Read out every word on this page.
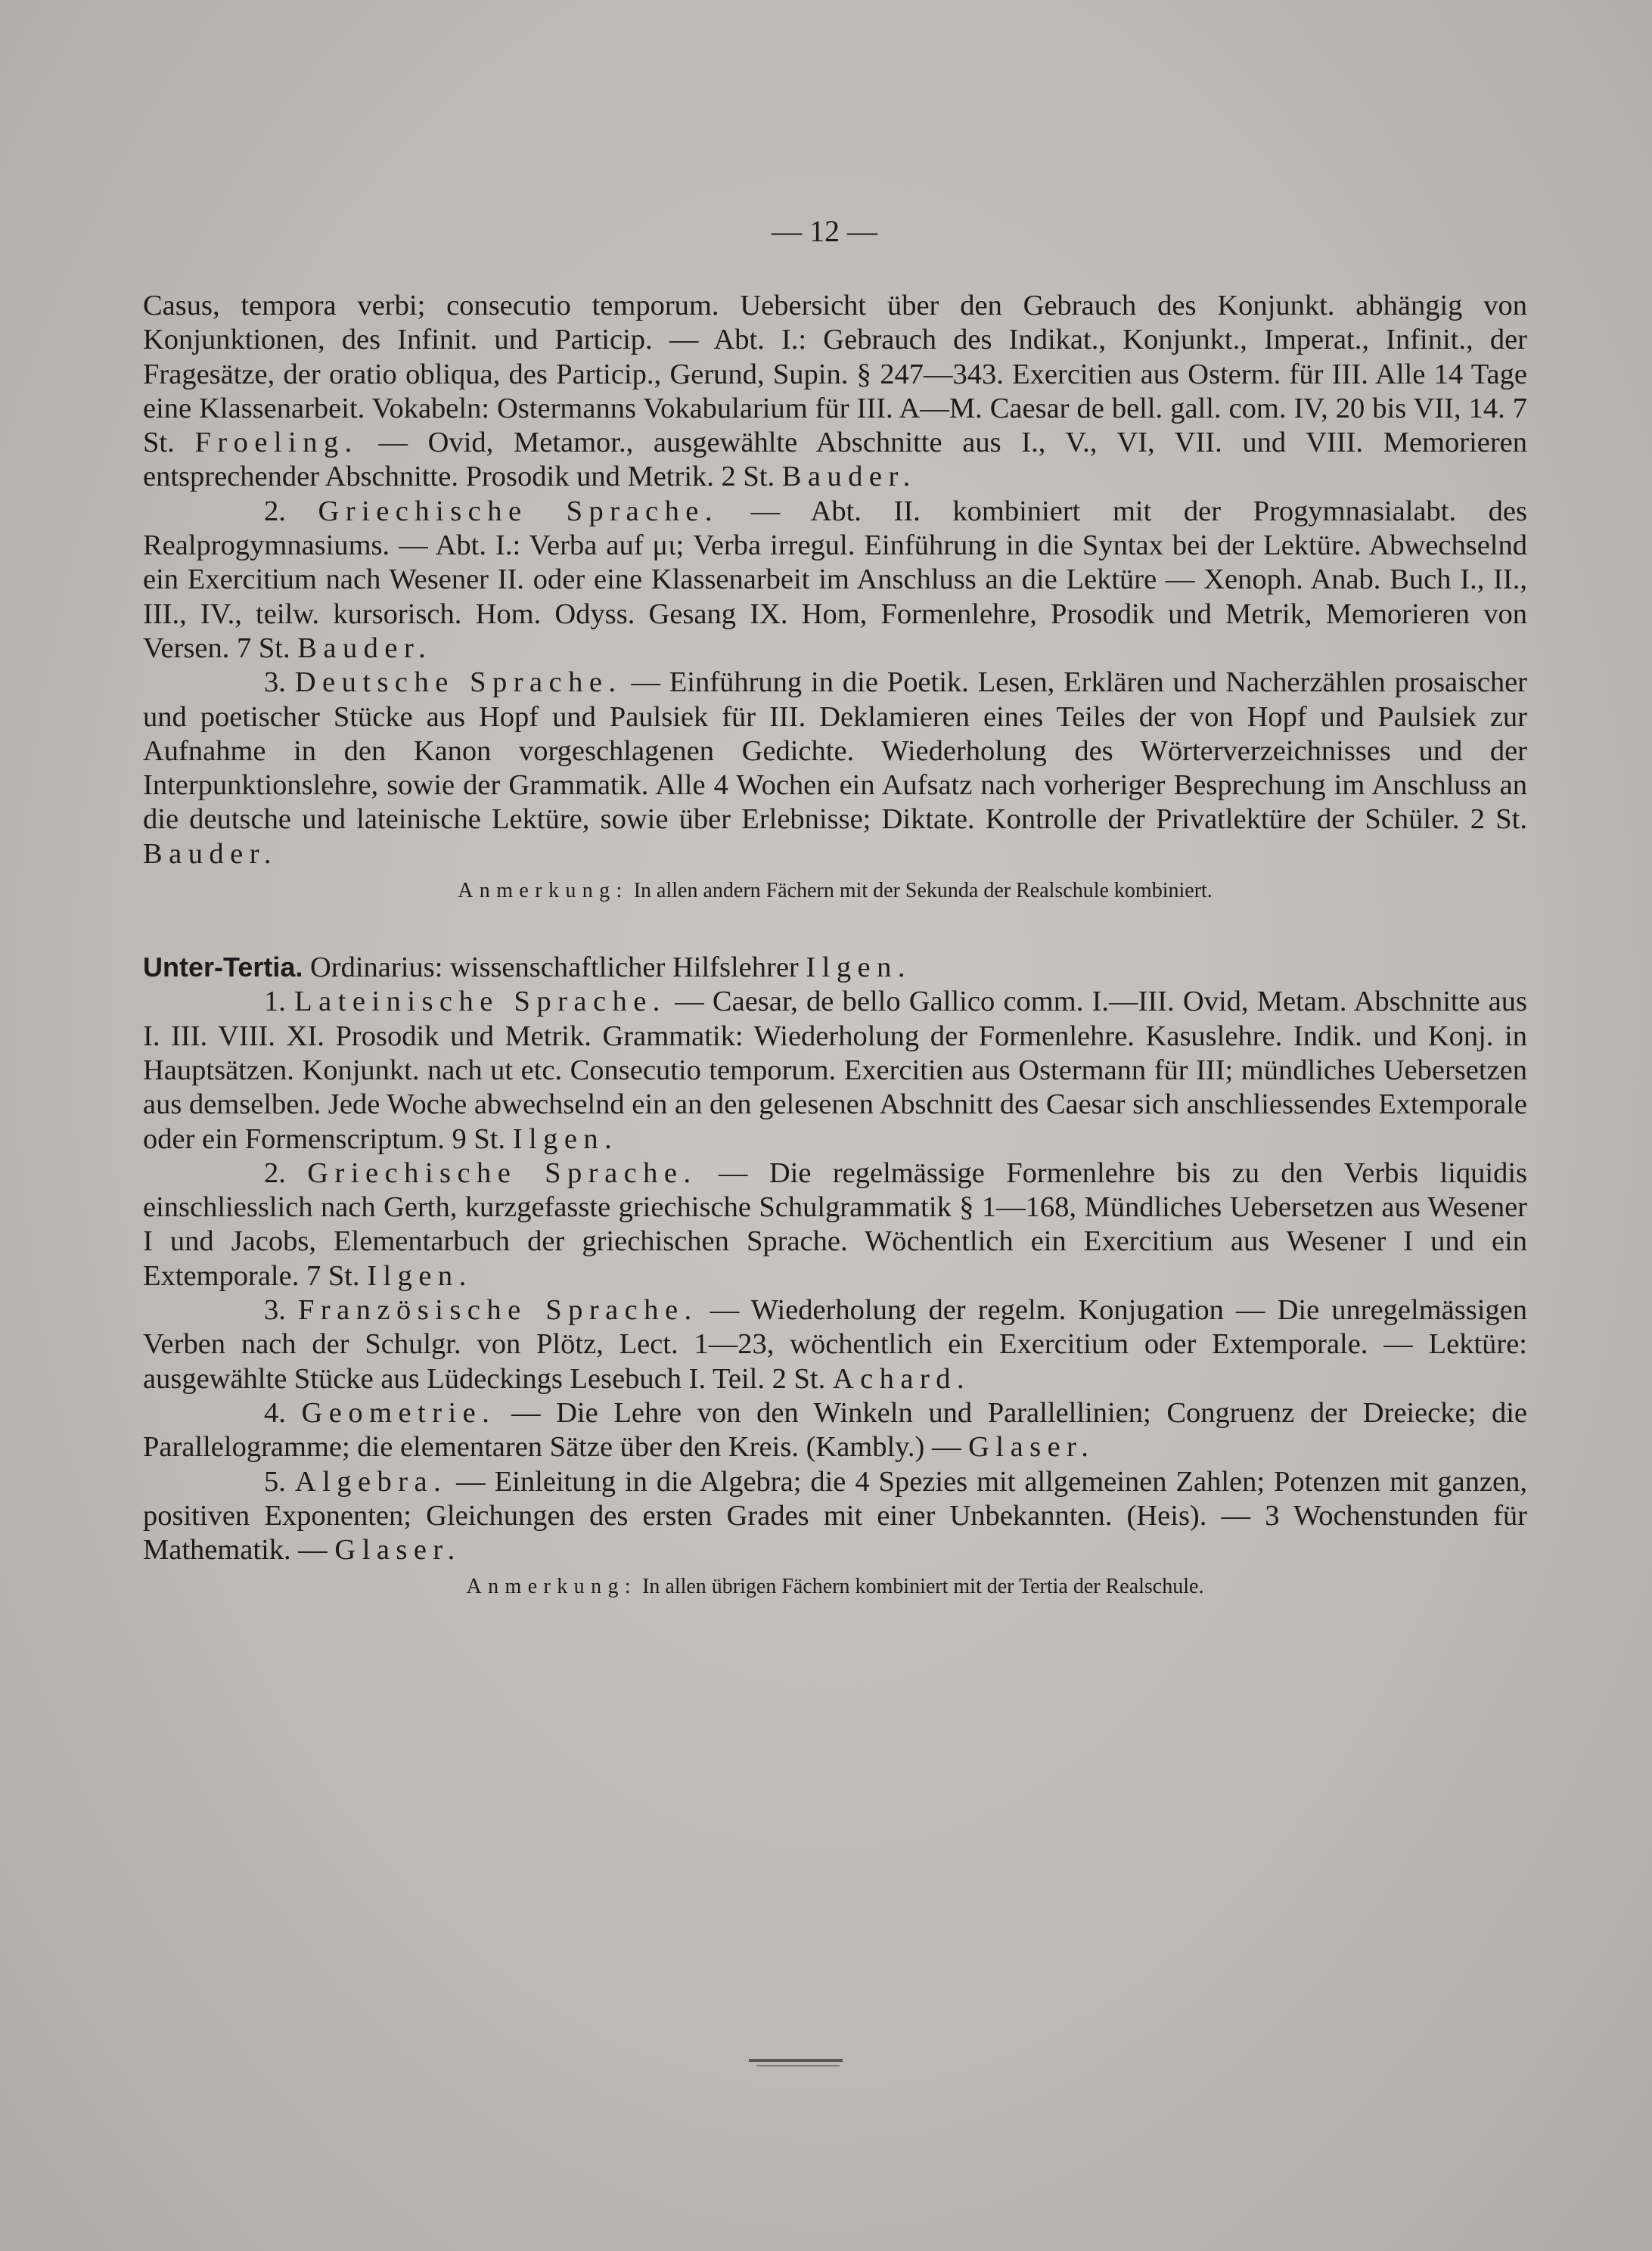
— 12 —

Casus, tempora verbi; consecutio temporum. Uebersicht über den Gebrauch des Konjunkt. abhängig von Konjunktionen, des Infinit. und Particip. — Abt. I.: Gebrauch des Indikat., Konjunkt., Imperat., Infinit., der Fragesätze, der oratio obliqua, des Particip., Gerund, Supin. § 247—343. Exercitien aus Osterm. für III. Alle 14 Tage eine Klassenarbeit. Vokabeln: Ostermanns Vokabularium für III. A—M. Caesar de bell. gall. com. IV, 20 bis VII, 14. 7 St. Froeling. — Ovid, Metamor., ausgewählte Abschnitte aus I., V., VI, VII. und VIII. Memorieren entsprechender Abschnitte. Prosodik und Metrik. 2 St. Bauder.

2. Griechische Sprache. — Abt. II. kombiniert mit der Progymnasialabt. des Realprogymnasiums. — Abt. I.: Verba auf μι; Verba irregul. Einführung in die Syntax bei der Lektüre. Abwechselnd ein Exercitium nach Wesener II. oder eine Klassenarbeit im Anschluss an die Lektüre — Xenoph. Anab. Buch I., II., III., IV., teilw. kursorisch. Hom. Odyss. Gesang IX. Hom, Formenlehre, Prosodik und Metrik, Memorieren von Versen. 7 St. Bauder.

3. Deutsche Sprache. — Einführung in die Poetik. Lesen, Erklären und Nacherzählen prosaischer und poetischer Stücke aus Hopf und Paulsiek für III. Deklamieren eines Teiles der von Hopf und Paulsiek zur Aufnahme in den Kanon vorgeschlagenen Gedichte. Wiederholung des Wörterverzeichnisses und der Interpunktionslehre, sowie der Grammatik. Alle 4 Wochen ein Aufsatz nach vorheriger Besprechung im Anschluss an die deutsche und lateinische Lektüre, sowie über Erlebnisse; Diktate. Kontrolle der Privatlektüre der Schüler. 2 St. Bauder.

Anmerkung: In allen andern Fächern mit der Sekunda der Realschule kombiniert.

Unter-Tertia. Ordinarius: wissenschaftlicher Hilfslehrer Ilgen.

1. Lateinische Sprache. — Caesar, de bello Gallico comm. I.—III. Ovid, Metam. Abschnitte aus I. III. VIII. XI. Prosodik und Metrik. Grammatik: Wiederholung der Formenlehre. Kasuslehre. Indik. und Konj. in Hauptsätzen. Konjunkt. nach ut etc. Consecutio temporum. Exercitien aus Ostermann für III; mündliches Uebersetzen aus demselben. Jede Woche abwechselnd ein an den gelesenen Abschnitt des Caesar sich anschliessendes Extemporale oder ein Formenscriptum. 9 St. Ilgen.

2. Griechische Sprache. — Die regelmässige Formenlehre bis zu den Verbis liquidis einschliesslich nach Gerth, kurzgefasste griechische Schulgrammatik § 1—168, Mündliches Uebersetzen aus Wesener I und Jacobs, Elementarbuch der griechischen Sprache. Wöchentlich ein Exercitium aus Wesener I und ein Extemporale. 7 St. Ilgen.

3. Französische Sprache. — Wiederholung der regelm. Konjugation — Die unregelmässigen Verben nach der Schulgr. von Plötz, Lect. 1—23, wöchentlich ein Exercitium oder Extemporale. — Lektüre: ausgewählte Stücke aus Lüdeckings Lesebuch I. Teil. 2 St. Achard.

4. Geometrie. — Die Lehre von den Winkeln und Parallellinien; Congruenz der Dreiecke; die Parallelogramme; die elementaren Sätze über den Kreis. (Kambly.) — Glaser.

5. Algebra. — Einleitung in die Algebra; die 4 Spezies mit allgemeinen Zahlen; Potenzen mit ganzen, positiven Exponenten; Gleichungen des ersten Grades mit einer Unbekannten. (Heis). — 3 Wochenstunden für Mathematik. — Glaser.

Anmerkung: In allen übrigen Fächern kombiniert mit der Tertia der Realschule.
